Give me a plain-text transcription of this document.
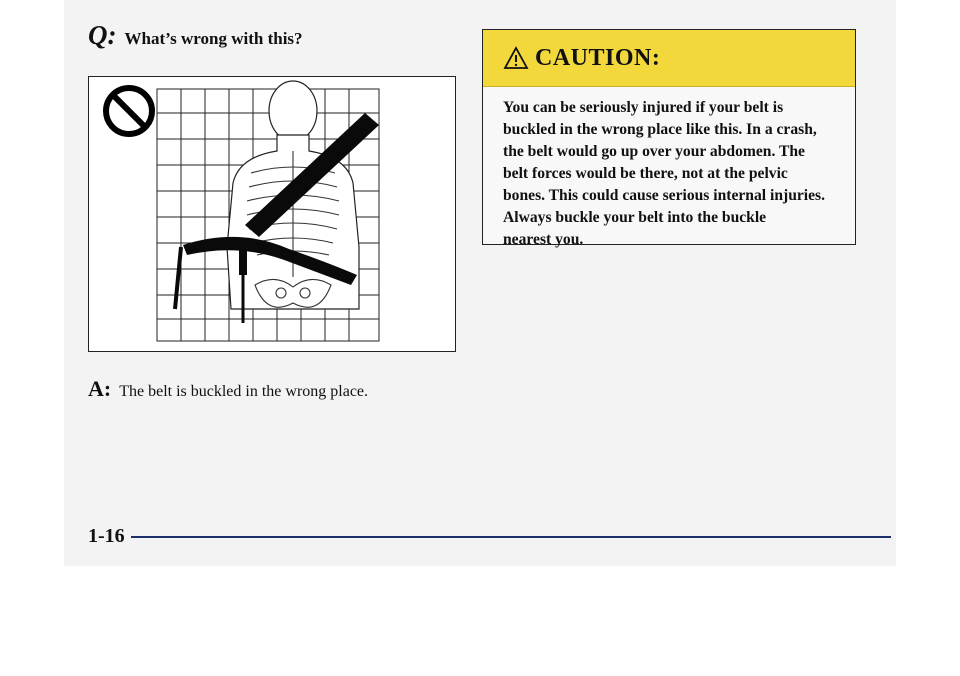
Q: What’s wrong with this?
A: The belt is buckled in the wrong place.
CAUTION:
You can be seriously injured if your belt is
buckled in the wrong place like this. In a crash,
the belt would go up over your abdomen. The
belt forces would be there, not at the pelvic
bones. This could cause serious internal injuries.
Always buckle your belt into the buckle
nearest you.
1-16
